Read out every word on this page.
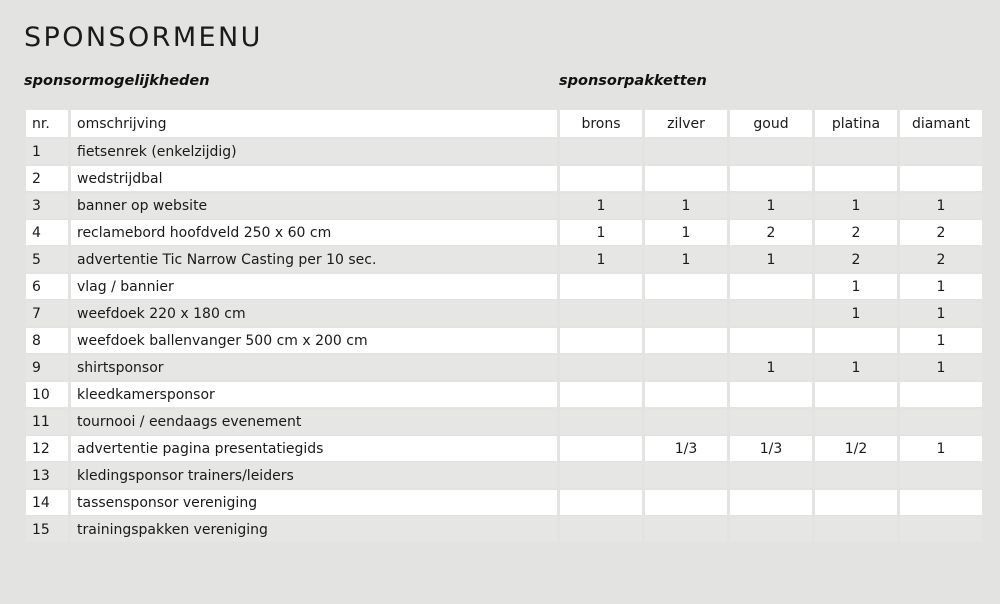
SPONSORMENU
sponsormogelijkheden	sponsorpakketten
nr.	omschrijving	brons	zilver	goud	platina	diamant
1	fietsenrek (enkelzijdig)					
2	wedstrijdbal					
3	banner op website	1	1	1	1	1
4	reclamebord hoofdveld 250 x 60 cm	1	1	2	2	2
5	advertentie Tic Narrow Casting per 10 sec.	1	1	1	2	2
6	vlag / bannier				1	1
7	weefdoek 220 x 180 cm				1	1
8	weefdoek ballenvanger 500 cm x 200 cm					1
9	shirtsponsor			1	1	1
10	kleedkamersponsor					
11	tournooi / eendaags evenement					
12	advertentie pagina presentatiegids		1/3	1/3	1/2	1
13	kledingsponsor trainers/leiders					
14	tassensponsor vereniging					
15	trainingspakken vereniging					
